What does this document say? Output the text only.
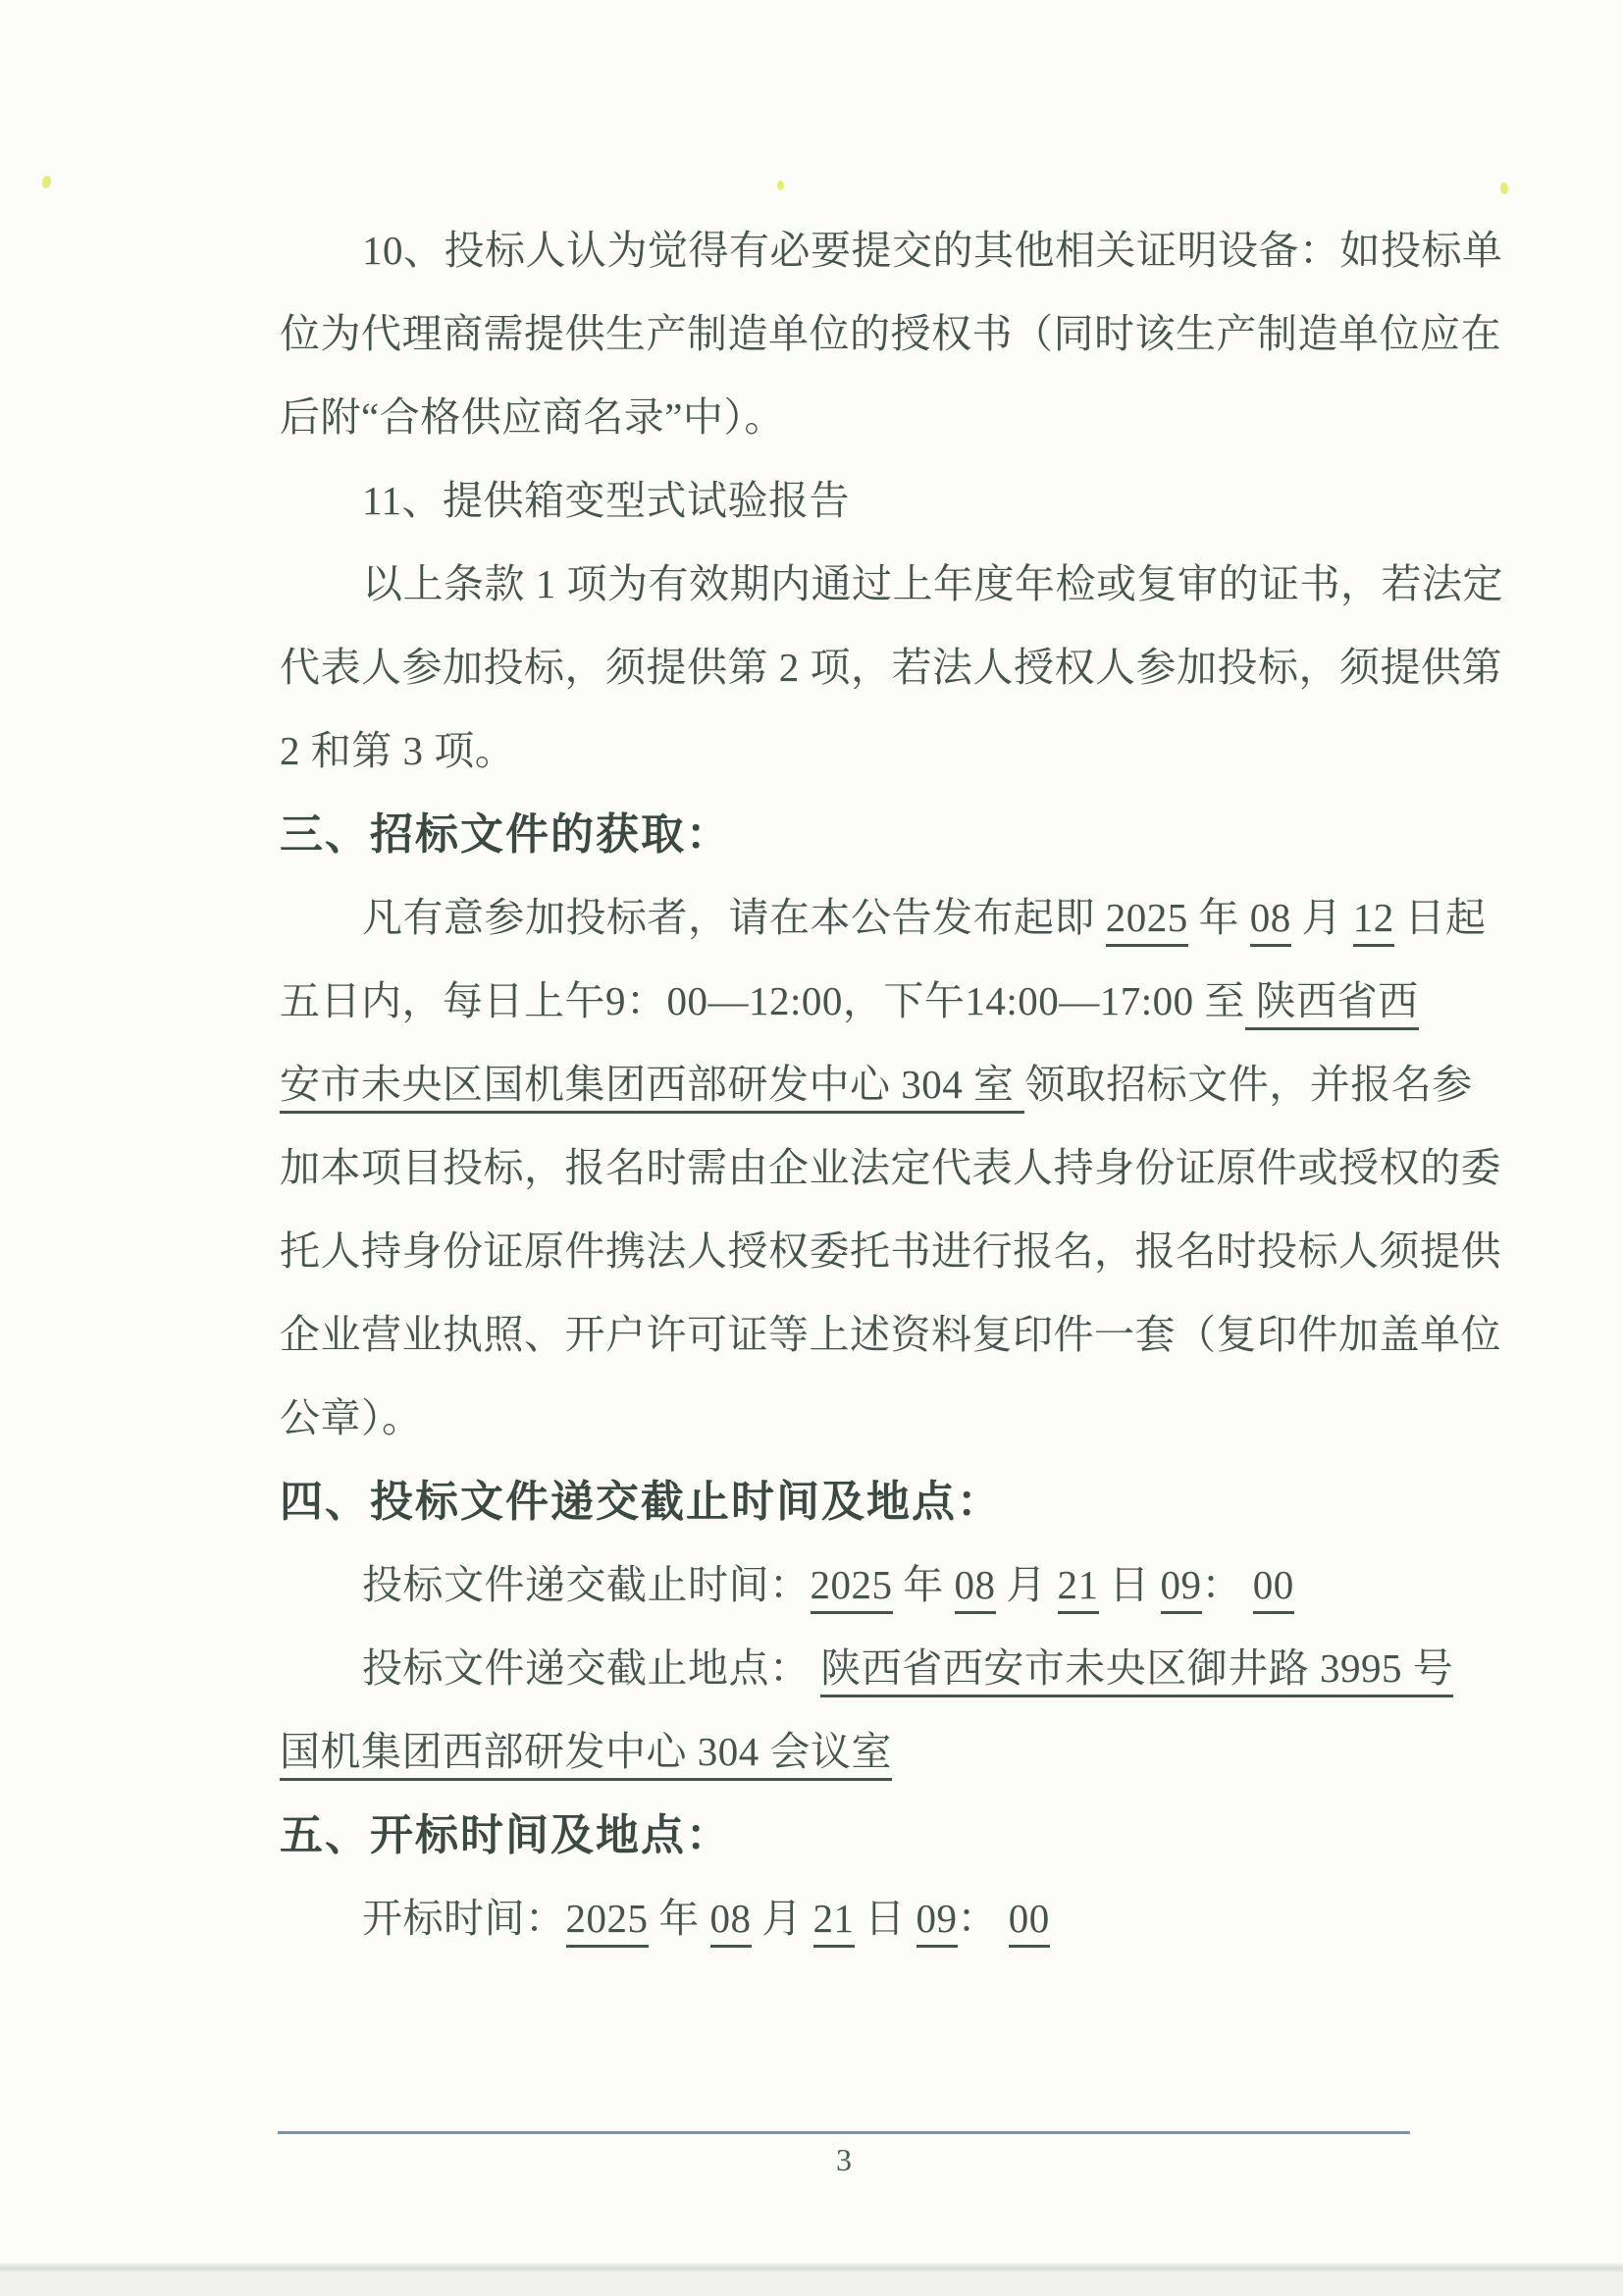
10、投标人认为觉得有必要提交的其他相关证明设备：如投标单
位为代理商需提供生产制造单位的授权书（同时该生产制造单位应在
后附“合格供应商名录”中）。
11、提供箱变型式试验报告
以上条款 1 项为有效期内通过上年度年检或复审的证书，若法定
代表人参加投标，须提供第 2 项，若法人授权人参加投标，须提供第
2 和第 3 项。
三、招标文件的获取：
凡有意参加投标者，请在本公告发布起即 2025 年 08 月 12 日起
五日内，每日上午9：00—12:00，下午14:00—17:00 至 陕西省西
安市未央区国机集团西部研发中心 304 室 领取招标文件，并报名参
加本项目投标，报名时需由企业法定代表人持身份证原件或授权的委
托人持身份证原件携法人授权委托书进行报名，报名时投标人须提供
企业营业执照、开户许可证等上述资料复印件一套（复印件加盖单位
公章）。
四、投标文件递交截止时间及地点：
投标文件递交截止时间：2025 年 08 月 21 日 09： 00
投标文件递交截止地点： 陕西省西安市未央区御井路 3995 号
国机集团西部研发中心 304 会议室
五、开标时间及地点：
开标时间：2025 年 08 月 21 日 09： 00
3
